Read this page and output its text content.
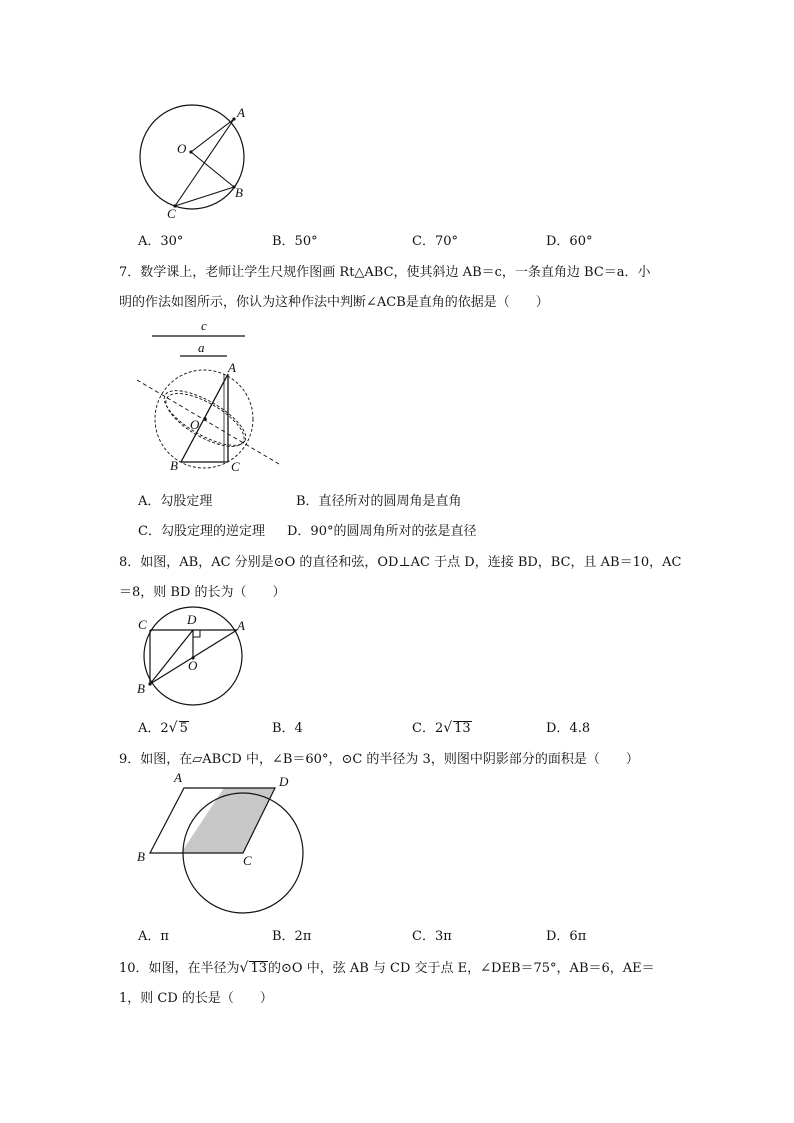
O
A
B
C
A．30°	B．50°	C．70°	D．60°
7．数学课上，老师让学生尺规作图画 Rt△ABC，使其斜边 AB＝c，一条直角边 BC＝a．小
明的作法如图所示，你认为这种作法中判断∠ACB是直角的依据是（　　）
c
a
A
O
B	C
A．勾股定理	B．直径所对的圆周角是直角
C．勾股定理的逆定理 D．90°的圆周角所对的弦是直径
8．如图，AB，AC 分别是⊙O 的直径和弦，OD⊥AC 于点 D，连接 BD，BC，且 AB＝10，AC
＝8，则 BD 的长为（　　）
C	D	A
O
B
A．2√ 5	B．4	C．2√ 13	D．4.8
9．如图，在▱ABCD 中，∠B＝60°，⊙C 的半径为 3，则图中阴影部分的面积是（　　）
A	D
B	C
A．π	B．2π	C．3π	D．6π
10．如图，在半径为√ 13的⊙O 中，弦 AB 与 CD 交于点 E，∠DEB＝75°，AB＝6，AE＝
1，则 CD 的长是（　　）
